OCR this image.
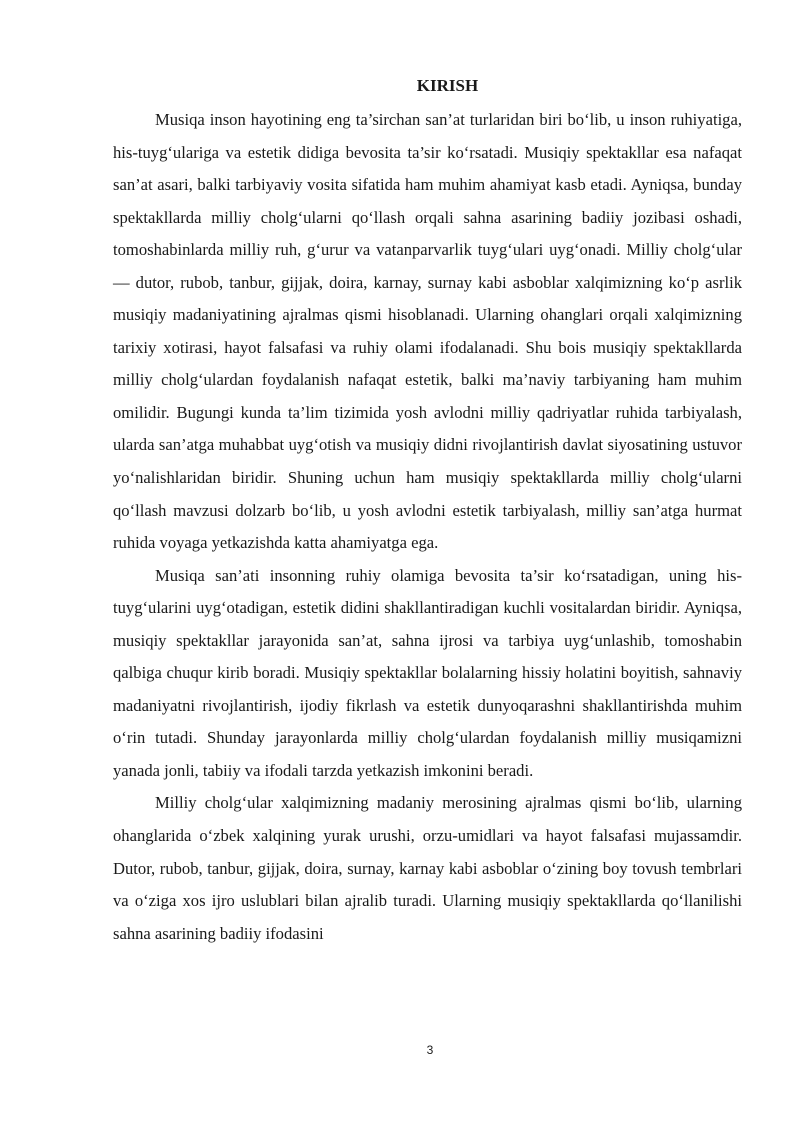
KIRISH

Musiqa inson hayotining eng ta’sirchan san’at turlaridan biri bo‘lib, u inson ruhiyatiga, his-tuyg‘ulariga va estetik didiga bevosita ta’sir ko‘rsatadi. Musiqiy spektakllar esa nafaqat san’at asari, balki tarbiyaviy vosita sifatida ham muhim ahamiyat kasb etadi. Ayniqsa, bunday spektakllarda milliy cholg‘ularni qo‘llash orqali sahna asarining badiiy jozibasi oshadi, tomoshabinlarda milliy ruh, g‘urur va vatanparvarlik tuyg‘ulari uyg‘onadi. Milliy cholg‘ular — dutor, rubob, tanbur, gijjak, doira, karnay, surnay kabi asboblar xalqimizning ko‘p asrlik musiqiy madaniyatining ajralmas qismi hisoblanadi. Ularning ohanglari orqali xalqimizning tarixiy xotirasi, hayot falsafasi va ruhiy olami ifodalanadi. Shu bois musiqiy spektakllarda milliy cholg‘ulardan foydalanish nafaqat estetik, balki ma’naviy tarbiyaning ham muhim omilidir. Bugungi kunda ta’lim tizimida yosh avlodni milliy qadriyatlar ruhida tarbiyalash, ularda san’atga muhabbat uyg‘otish va musiqiy didni rivojlantirish davlat siyosatining ustuvor yo‘nalishlaridan biridir. Shuning uchun ham musiqiy spektakllarda milliy cholg‘ularni qo‘llash mavzusi dolzarb bo‘lib, u yosh avlodni estetik tarbiyalash, milliy san’atga hurmat ruhida voyaga yetkazishda katta ahamiyatga ega.

Musiqa san’ati insonning ruhiy olamiga bevosita ta’sir ko‘rsatadigan, uning his-tuyg‘ularini uyg‘otadigan, estetik didini shakllantiradigan kuchli vositalardan biridir. Ayniqsa, musiqiy spektakllar jarayonida san’at, sahna ijrosi va tarbiya uyg‘unlashib, tomoshabin qalbiga chuqur kirib boradi. Musiqiy spektakllar bolalarning hissiy holatini boyitish, sahnaviy madaniyatni rivojlantirish, ijodiy fikrlash va estetik dunyoqarashni shakllantirishda muhim o‘rin tutadi. Shunday jarayonlarda milliy cholg‘ulardan foydalanish milliy musiqamizni yanada jonli, tabiiy va ifodali tarzda yetkazish imkonini beradi.

Milliy cholg‘ular xalqimizning madaniy merosining ajralmas qismi bo‘lib, ularning ohanglarida o‘zbek xalqining yurak urushi, orzu-umidlari va hayot falsafasi mujassamdir. Dutor, rubob, tanbur, gijjak, doira, surnay, karnay kabi asboblar o‘zining boy tovush tembrlari va o‘ziga xos ijro uslublari bilan ajralib turadi. Ularning musiqiy spektakllarda qo‘llanilishi sahna asarining badiiy ifodasini

3
